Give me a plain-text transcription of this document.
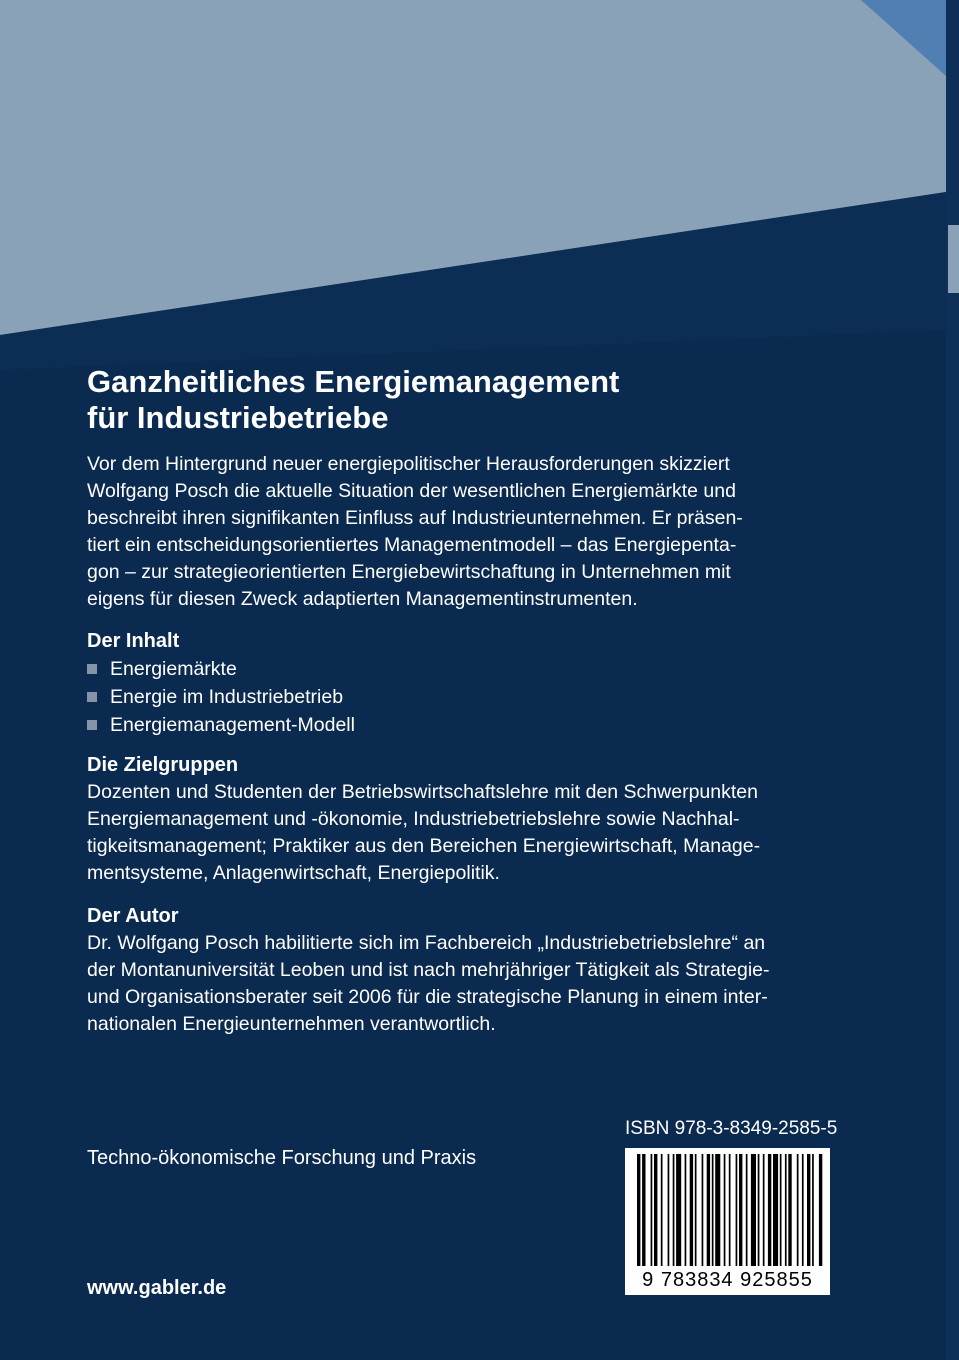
Ganzheitliches Energiemanagement
für Industriebetriebe

Vor dem Hintergrund neuer energiepolitischer Herausforderungen skizziert
Wolfgang Posch die aktuelle Situation der wesentlichen Energiemärkte und
beschreibt ihren signifikanten Einfluss auf Industrieunternehmen. Er präsen-
tiert ein entscheidungsorientiertes Managementmodell – das Energiepenta-
gon – zur strategieorientierten Energiebewirtschaftung in Unternehmen mit
eigens für diesen Zweck adaptierten Managementinstrumenten.

Der Inhalt
Energiemärkte
Energie im Industriebetrieb
Energiemanagement-Modell
Die Zielgruppen

Dozenten und Studenten der Betriebswirtschaftslehre mit den Schwerpunkten
Energiemanagement und -ökonomie, Industriebetriebslehre sowie Nachhal-
tigkeitsmanagement; Praktiker aus den Bereichen Energiewirtschaft, Manage-
mentsysteme, Anlagenwirtschaft, Energiepolitik.

Der Autor

Dr. Wolfgang Posch habilitierte sich im Fachbereich „Industriebetriebslehre“ an
der Montanuniversität Leoben und ist nach mehrjähriger Tätigkeit als Strategie-
und Organisationsberater seit 2006 für die strategische Planung in einem inter-
nationalen Energieunternehmen verantwortlich.

ISBN 978-3-8349-2585-5
Techno-ökonomische Forschung und Praxis
9 783834 925855
www.gabler.de
